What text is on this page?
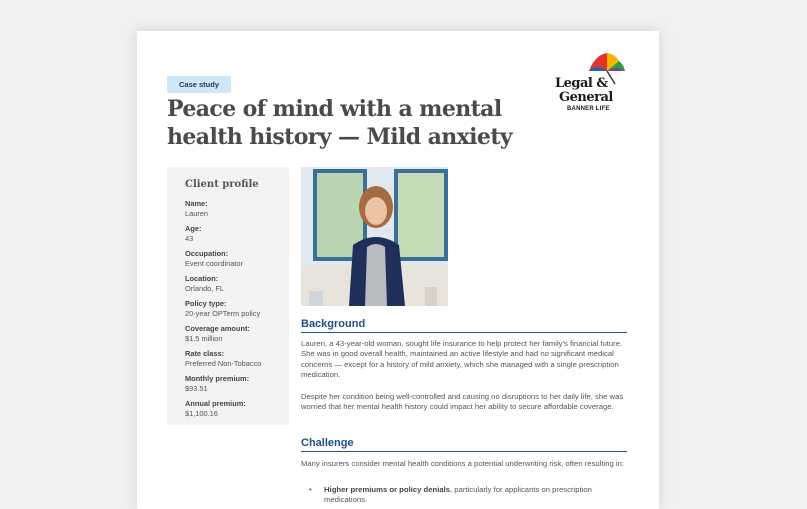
Case study
Peace of mind with a mental health history — Mild anxiety
Legal &
General
BANNER LIFE
Client profile
Name:
Lauren
Age:
43
Occupation:
Event coordinator
Location:
Orlando, FL
Policy type:
20-year OPTerm policy
Coverage amount:
$1.5 million
Rate class:
Preferred Non-Tobacco
Monthly premium:
$93.51
Annual premium:
$1,100.16
Background

Lauren, a 43-year-old woman, sought life insurance to help protect her family's financial future. She was in good overall health, maintained an active lifestyle and had no significant medical concerns — except for a history of mild anxiety, which she managed with a single prescription medication.

Despite her condition being well-controlled and causing no disruptions to her daily life, she was worried that her mental health history could impact her ability to secure affordable coverage.

Challenge

Many insurers consider mental health conditions a potential underwriting risk, often resulting in:

• Higher premiums or policy denials, particularly for applicants on prescription medications.
